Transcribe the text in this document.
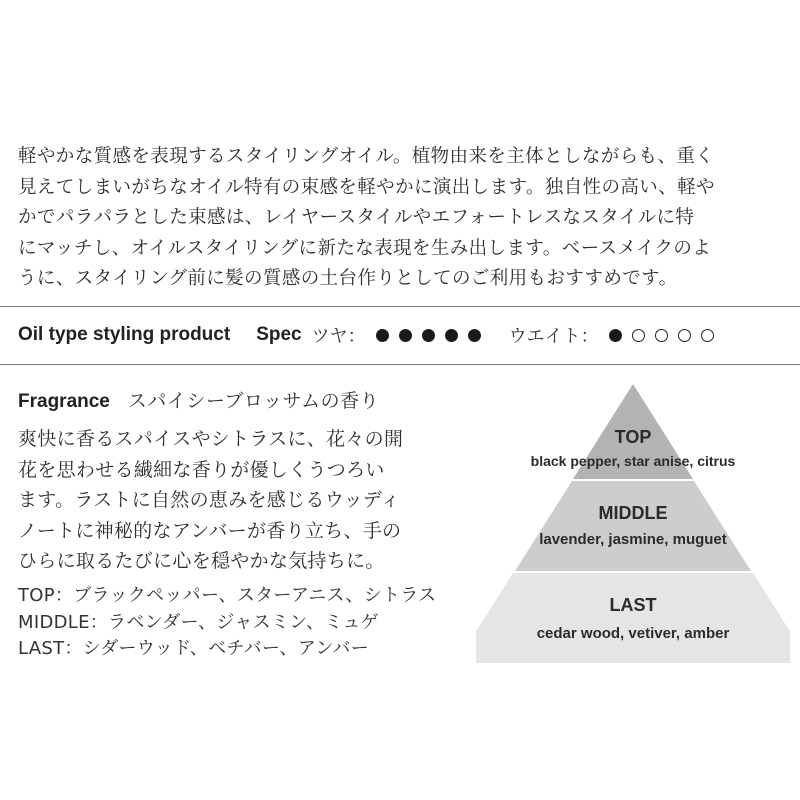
軽やかな質感を表現するスタイリングオイル。植物由来を主体としながらも、重く
見えてしまいがちなオイル特有の束感を軽やかに演出します。独自性の高い、軽や
かでパラパラとした束感は、レイヤースタイルやエフォートレスなスタイルに特
にマッチし、オイルスタイリングに新たな表現を生み出します。ベースメイクのよ
うに、スタイリング前に髪の質感の土台作りとしてのご利用もおすすめです。
Oil type styling product Spec ツヤ：	ウエイト：
Fragrance スパイシーブロッサムの香り
爽快に香るスパイスやシトラスに、花々の開
花を思わせる繊細な香りが優しくうつろい
ます。ラストに自然の恵みを感じるウッディ
ノートに神秘的なアンバーが香り立ち、手の
ひらに取るたびに心を穏やかな気持ちに。
TOP：ブラックペッパー、スターアニス、シトラス
MIDDLE：ラベンダー、ジャスミン、ミュゲ
LAST：シダーウッド、ベチバー、アンバー
TOP
black pepper, star anise, citrus
MIDDLE
lavender, jasmine, muguet
LAST
cedar wood, vetiver, amber
